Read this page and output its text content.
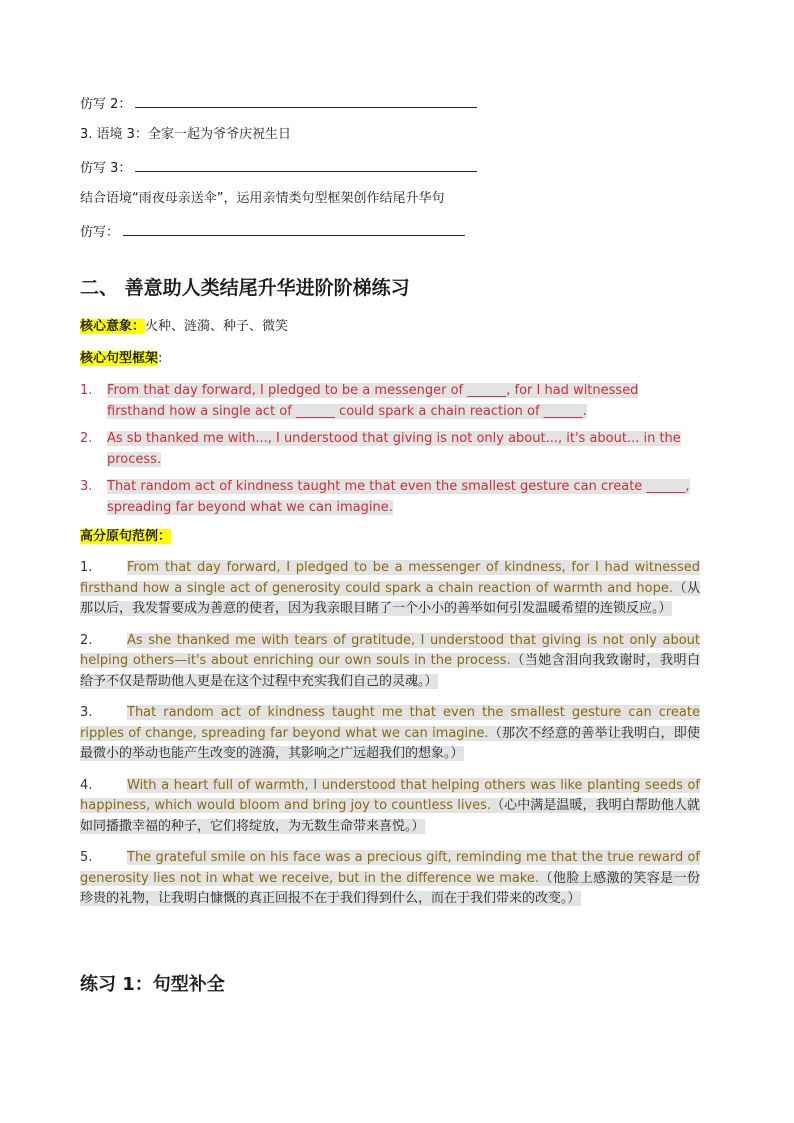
仿写 2：
3. 语境 3：全家一起为爷爷庆祝生日
仿写 3：
结合语境“雨夜母亲送伞”，运用亲情类句型框架创作结尾升华句
仿写：
二、 善意助人类结尾升华进阶阶梯练习
核心意象：火种、涟漪、种子、微笑
核心句型框架:
1. From that day forward, I pledged to be a messenger of ______, for I had witnessed firsthand how a single act of ______ could spark a chain reaction of ______.
2. As sb thanked me with..., I understood that giving is not only about..., it's about... in the process.
3. That random act of kindness taught me that even the smallest gesture can create ______, spreading far beyond what we can imagine.
高分原句范例：
1.	From that day forward, I pledged to be a messenger of kindness, for I had witnessed firsthand how a single act of generosity could spark a chain reaction of warmth and hope.（从那以后，我发誓要成为善意的使者，因为我亲眼目睹了一个小小的善举如何引发温暖希望的连锁反应。）
2.	As she thanked me with tears of gratitude, I understood that giving is not only about helping others—it's about enriching our own souls in the process.（当她含泪向我致谢时，我明白给予不仅是帮助他人更是在这个过程中充实我们自己的灵魂。）
3.	That random act of kindness taught me that even the smallest gesture can create ripples of change, spreading far beyond what we can imagine.（那次不经意的善举让我明白，即使最微小的举动也能产生改变的涟漪，其影响之广远超我们的想象。）
4.	With a heart full of warmth, I understood that helping others was like planting seeds of happiness, which would bloom and bring joy to countless lives.（心中满是温暖，我明白帮助他人就如同播撒幸福的种子，它们将绽放，为无数生命带来喜悦。）
5.	The grateful smile on his face was a precious gift, reminding me that the true reward of generosity lies not in what we receive, but in the difference we make.（他脸上感激的笑容是一份珍贵的礼物，让我明白慷慨的真正回报不在于我们得到什么，而在于我们带来的改变。）
练习 1：句型补全
